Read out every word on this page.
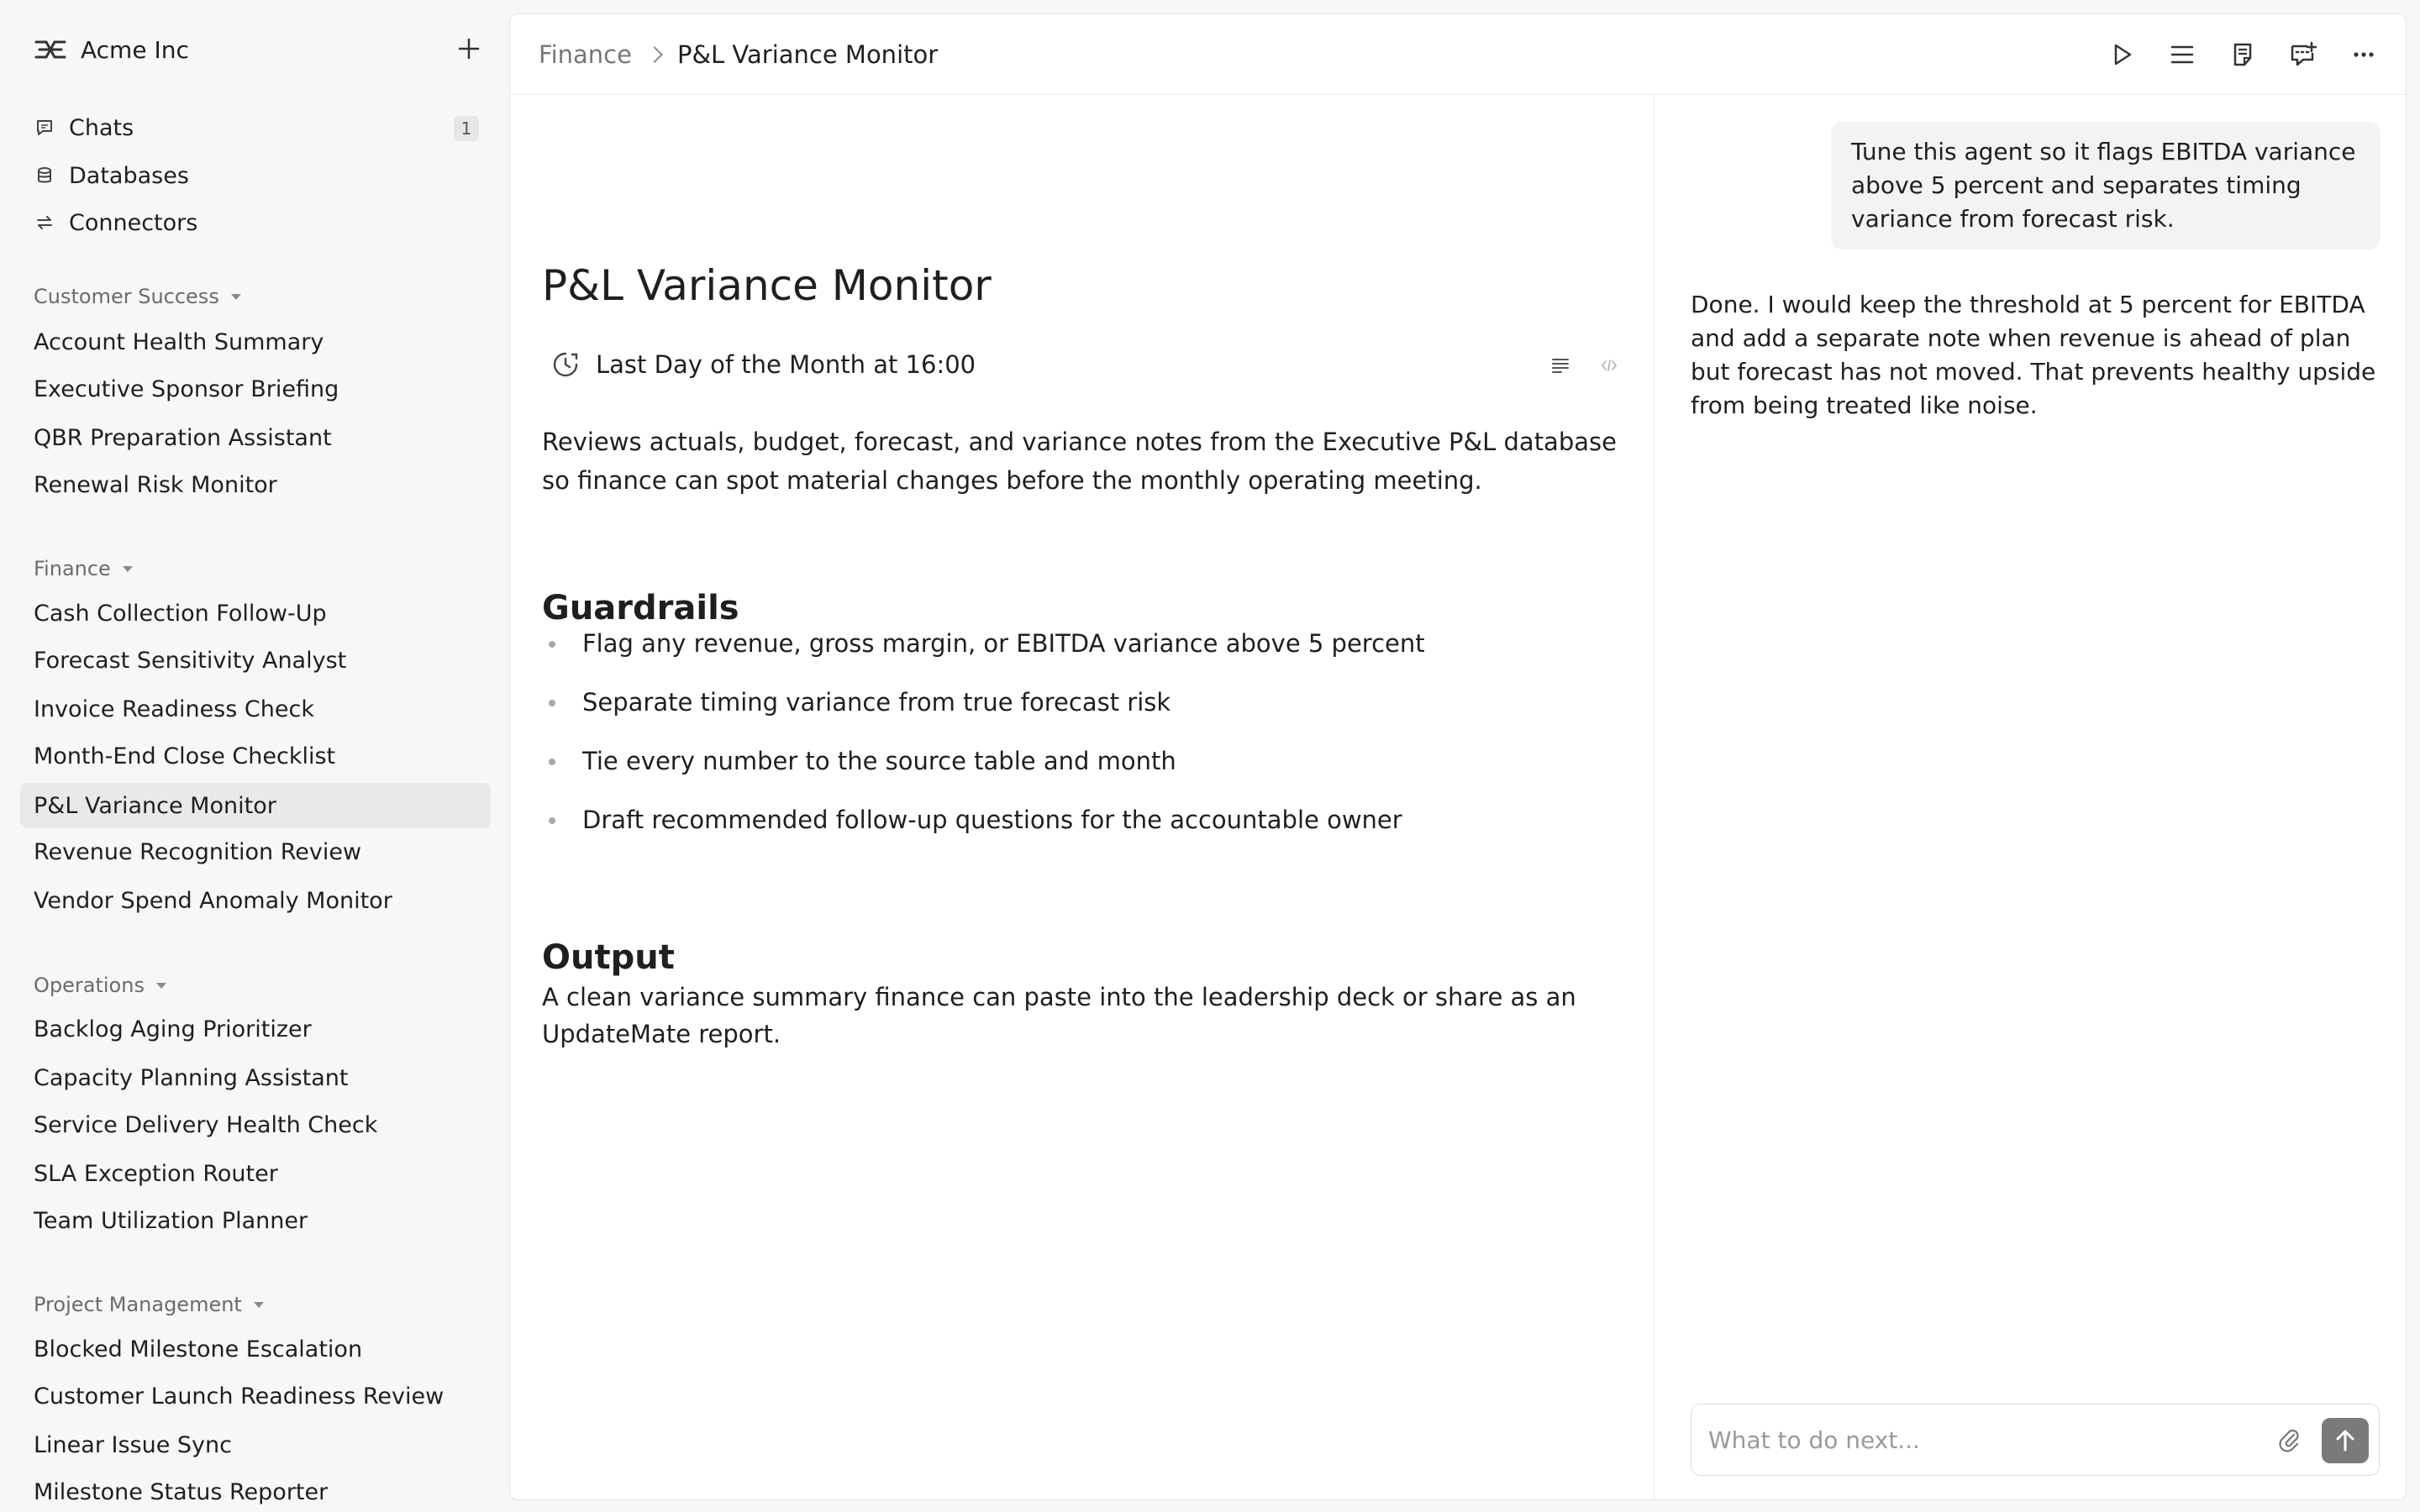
Acme Inc
Chats	1
Databases
Connectors
Customer Success
Account Health Summary
Executive Sponsor Briefing
QBR Preparation Assistant
Renewal Risk Monitor
Finance
Cash Collection Follow-Up
Forecast Sensitivity Analyst
Invoice Readiness Check
Month-End Close Checklist
P&L Variance Monitor
Revenue Recognition Review
Vendor Spend Anomaly Monitor
Operations
Backlog Aging Prioritizer
Capacity Planning Assistant
Service Delivery Health Check
SLA Exception Router
Team Utilization Planner
Project Management
Blocked Milestone Escalation
Customer Launch Readiness Review
Linear Issue Sync
Milestone Status Reporter
Finance P&L Variance Monitor
P&L Variance Monitor
Last Day of the Month at 16:00

Reviews actuals, budget, forecast, and variance notes from the Executive P&L database so finance can spot material changes before the monthly operating meeting.

Guardrails
Flag any revenue, gross margin, or EBITDA variance above 5 percent
Separate timing variance from true forecast risk
Tie every number to the source table and month
Draft recommended follow-up questions for the accountable owner
Output

A clean variance summary finance can paste into the leadership deck or share as an UpdateMate report.

Tune this agent so it flags EBITDA variance above 5 percent and separates timing variance from forecast risk.
Done. I would keep the threshold at 5 percent for EBITDA and add a separate note when revenue is ahead of plan but forecast has not moved. That prevents healthy upside from being treated like noise.
What to do next...
